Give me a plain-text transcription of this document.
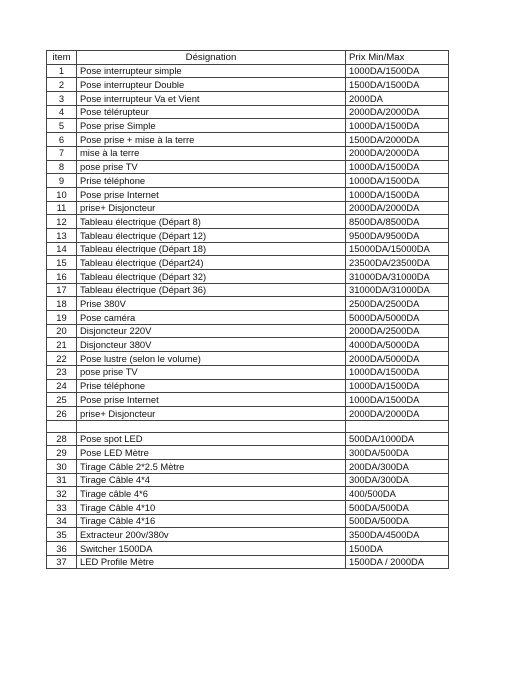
item	Désignation	Prix Min/Max
1	Pose interrupteur simple	1000DA/1500DA
2	Pose interrupteur Double	1500DA/1500DA
3	Pose interrupteur Va et Vient	2000DA
4	Pose télérupteur	2000DA/2000DA
5	Pose prise Simple	1000DA/1500DA
6	Pose prise + mise à la terre	1500DA/2000DA
7	mise à la terre	2000DA/2000DA
8	pose prise TV	1000DA/1500DA
9	Prise téléphone	1000DA/1500DA
10	Pose prise Internet	1000DA/1500DA
11	prise+ Disjoncteur	2000DA/2000DA
12	Tableau électrique (Départ 8)	8500DA/8500DA
13	Tableau électrique (Départ 12)	9500DA/9500DA
14	Tableau électrique (Départ 18)	15000DA/15000DA
15	Tableau électrique (Départ24)	23500DA/23500DA
16	Tableau électrique (Départ 32)	31000DA/31000DA
17	Tableau électrique (Départ 36)	31000DA/31000DA
18	Prise 380V	2500DA/2500DA
19	Pose caméra	5000DA/5000DA
20	Disjoncteur 220V	2000DA/2500DA
21	Disjoncteur 380V	4000DA/5000DA
22	Pose lustre (selon le volume)	2000DA/5000DA
23	pose prise TV	1000DA/1500DA
24	Prise téléphone	1000DA/1500DA
25	Pose prise Internet	1000DA/1500DA
26	prise+ Disjoncteur	2000DA/2000DA

28	Pose spot LED	500DA/1000DA
29	Pose LED Mètre	300DA/500DA
30	Tirage Câble 2*2.5 Mètre	200DA/300DA
31	Tirage Câble 4*4	300DA/300DA
32	Tirage câble 4*6	400/500DA
33	Tirage Câble 4*10	500DA/500DA
34	Tirage Câble 4*16	500DA/500DA
35	Extracteur 200v/380v	3500DA/4500DA
36	Switcher 1500DA	1500DA
37	LED Profile Mètre	1500DA / 2000DA
